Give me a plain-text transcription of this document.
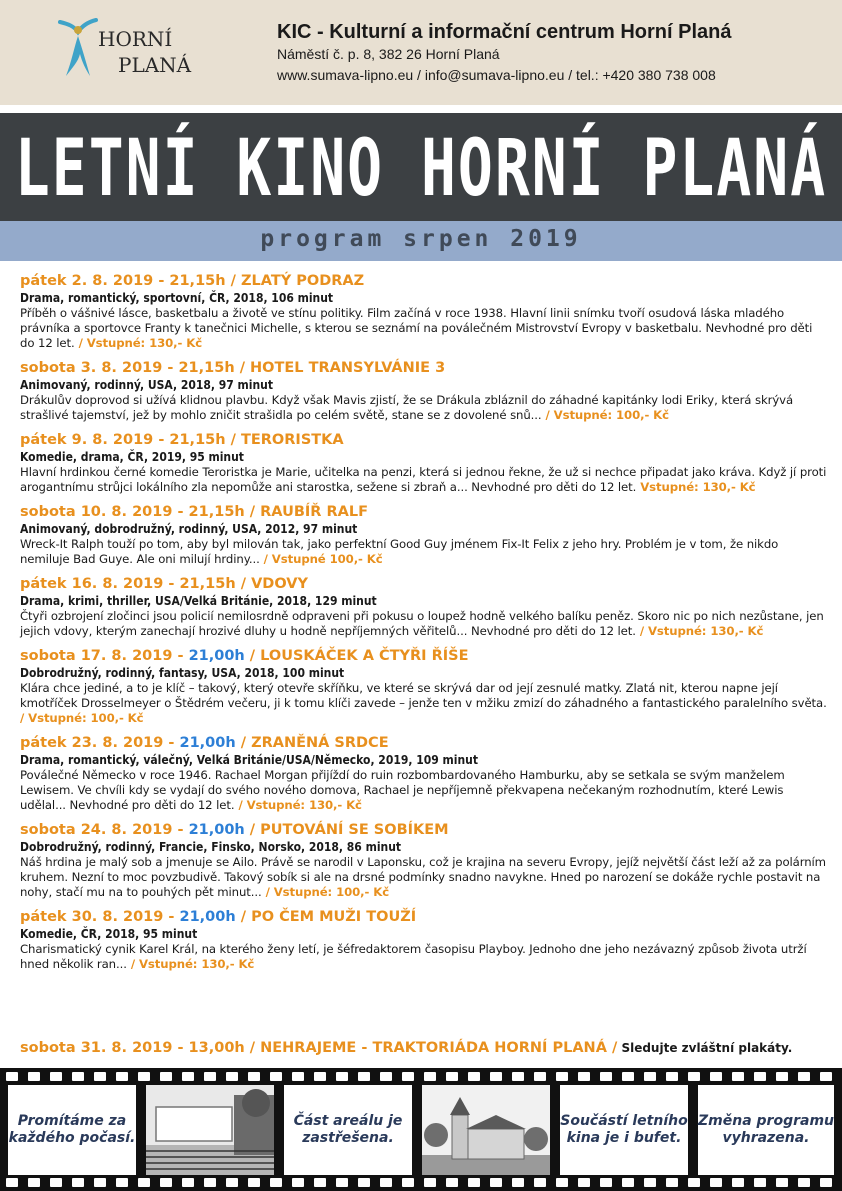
HORNÍ
PLANÁ

KIC - Kulturní a informační centrum Horní Planá

Náměstí č. p. 8, 382 26 Horní Planá

www.sumava-lipno.eu / info@sumava-lipno.eu / tel.: +420 380 738 008

LETNÍ KINO HORNÍ PLANÁ
program srpen 2019
pátek 2. 8. 2019 - 21,15h / ZLATÝ PODRAZ
Drama, romantický, sportovní, ČR, 2018, 106 minut
Příběh o vášnivé lásce, basketbalu a životě ve stínu politiky. Film začíná v roce 1938. Hlavní linii snímku tvoří osudová láska mladého právníka a sportovce Franty k tanečnici Michelle, s kterou se seznámí na poválečném Mistrovství Evropy v basketbalu. Nevhodné pro děti do 12 let. / Vstupné: 130,- Kč
sobota 3. 8. 2019 - 21,15h / HOTEL TRANSYLVÁNIE 3
Animovaný, rodinný, USA, 2018, 97 minut
Drákulův doprovod si užívá klidnou plavbu. Když však Mavis zjistí, že se Drákula zbláznil do záhadné kapitánky lodi Eriky, která skrývá strašlivé tajemství, jež by mohlo zničit strašidla po celém světě, stane se z dovolené snů... / Vstupné: 100,- Kč
pátek 9. 8. 2019 - 21,15h / TERORISTKA
Komedie, drama, ČR, 2019, 95 minut
Hlavní hrdinkou černé komedie Teroristka je Marie, učitelka na penzi, která si jednou řekne, že už si nechce připadat jako kráva. Když jí proti arogantnímu strůjci lokálního zla nepomůže ani starostka, sežene si zbraň a... Nevhodné pro děti do 12 let. Vstupné: 130,- Kč
sobota 10. 8. 2019 - 21,15h / RAUBÍŘ RALF
Animovaný, dobrodružný, rodinný, USA, 2012, 97 minut
Wreck-It Ralph touží po tom, aby byl milován tak, jako perfektní Good Guy jménem Fix-It Felix z jeho hry. Problém je v tom, že nikdo nemiluje Bad Guye. Ale oni milují hrdiny... / Vstupné 100,- Kč
pátek 16. 8. 2019 - 21,15h / VDOVY
Drama, krimi, thriller, USA/Velká Británie, 2018, 129 minut
Čtyři ozbrojení zločinci jsou policií nemilosrdně odpraveni při pokusu o loupež hodně velkého balíku peněz. Skoro nic po nich nezůstane, jen jejich vdovy, kterým zanechají hrozivé dluhy u hodně nepříjemných věřitelů... Nevhodné pro děti do 12 let. / Vstupné: 130,- Kč
sobota 17. 8. 2019 - 21,00h / LOUSKÁČEK A ČTYŘI ŘÍŠE
Dobrodružný, rodinný, fantasy, USA, 2018, 100 minut
Klára chce jediné, a to je klíč – takový, který otevře skříňku, ve které se skrývá dar od její zesnulé matky. Zlatá nit, kterou napne její kmotříček Drosselmeyer o Štědrém večeru, ji k tomu klíči zavede – jenže ten v mžiku zmizí do záhadného a fantastického paralelního světa. / Vstupné: 100,- Kč
pátek 23. 8. 2019 - 21,00h / ZRANĚNÁ SRDCE
Drama, romantický, válečný, Velká Británie/USA/Německo, 2019, 109 minut
Poválečné Německo v roce 1946. Rachael Morgan přijíždí do ruin rozbombardovaného Hamburku, aby se setkala se svým manželem Lewisem. Ve chvíli kdy se vydají do svého nového domova, Rachael je nepříjemně překvapena nečekaným rozhodnutím, které Lewis udělal... Nevhodné pro děti do 12 let. / Vstupné: 130,- Kč
sobota 24. 8. 2019 - 21,00h / PUTOVÁNÍ SE SOBÍKEM
Dobrodružný, rodinný, Francie, Finsko, Norsko, 2018, 86 minut
Náš hrdina je malý sob a jmenuje se Ailo. Právě se narodil v Laponsku, což je krajina na severu Evropy, jejíž největší část leží až za polárním kruhem. Nezní to moc povzbudivě. Takový sobík si ale na drsné podmínky snadno navykne. Hned po narození se dokáže rychle postavit na nohy, stačí mu na to pouhých pět minut... / Vstupné: 100,- Kč
pátek 30. 8. 2019 - 21,00h / PO ČEM MUŽI TOUŽÍ
Komedie, ČR, 2018, 95 minut
Charismatický cynik Karel Král, na kterého ženy letí, je šéfredaktorem časopisu Playboy. Jednoho dne jeho nezávazný způsob života utrží hned několik ran... / Vstupné: 130,- Kč
sobota 31. 8. 2019 - 13,00h / NEHRAJEME - TRAKTORIÁDA HORNÍ PLANÁ / Sledujte zvláštní plakáty.
Promítáme za každého počasí.
Část areálu je zastřešena.
Součástí letního kina je i bufet.
Změna programu vyhrazena.
